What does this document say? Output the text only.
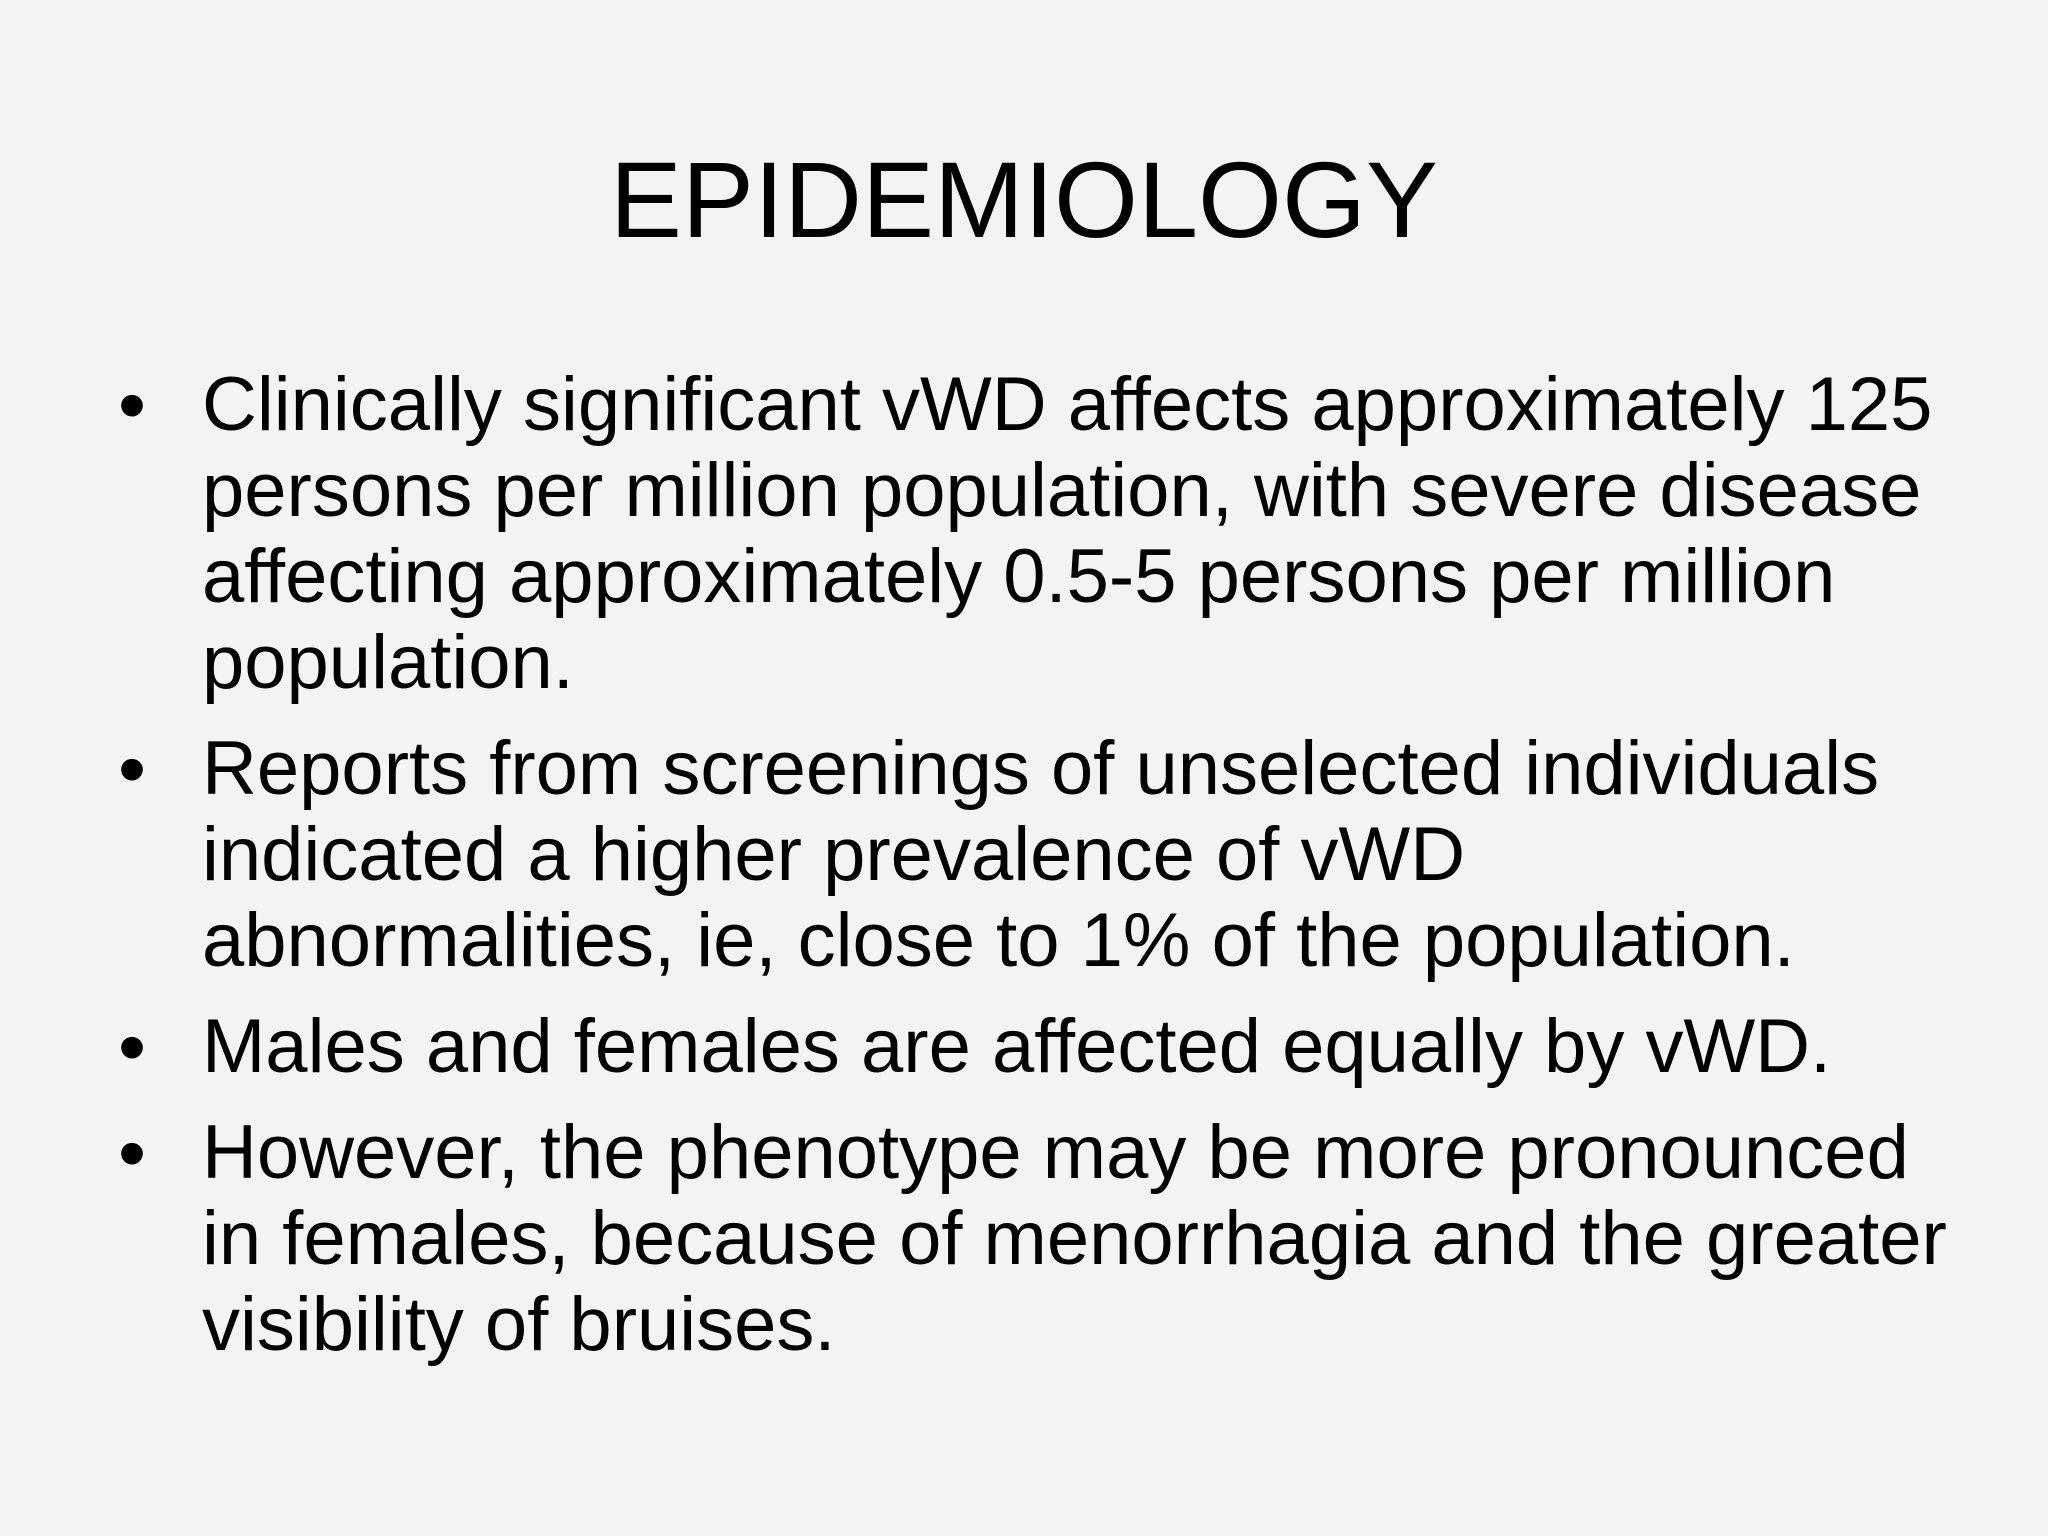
EPIDEMIOLOGY
• Clinically significant vWD affects approximately 125 persons per million population, with severe disease affecting approximately 0.5-5 persons per million population.
• Reports from screenings of unselected individuals indicated a higher prevalence of vWD abnormalities, ie, close to 1% of the population.
• Males and females are affected equally by vWD.
• However, the phenotype may be more pronounced in females, because of menorrhagia and the greater visibility of bruises.
